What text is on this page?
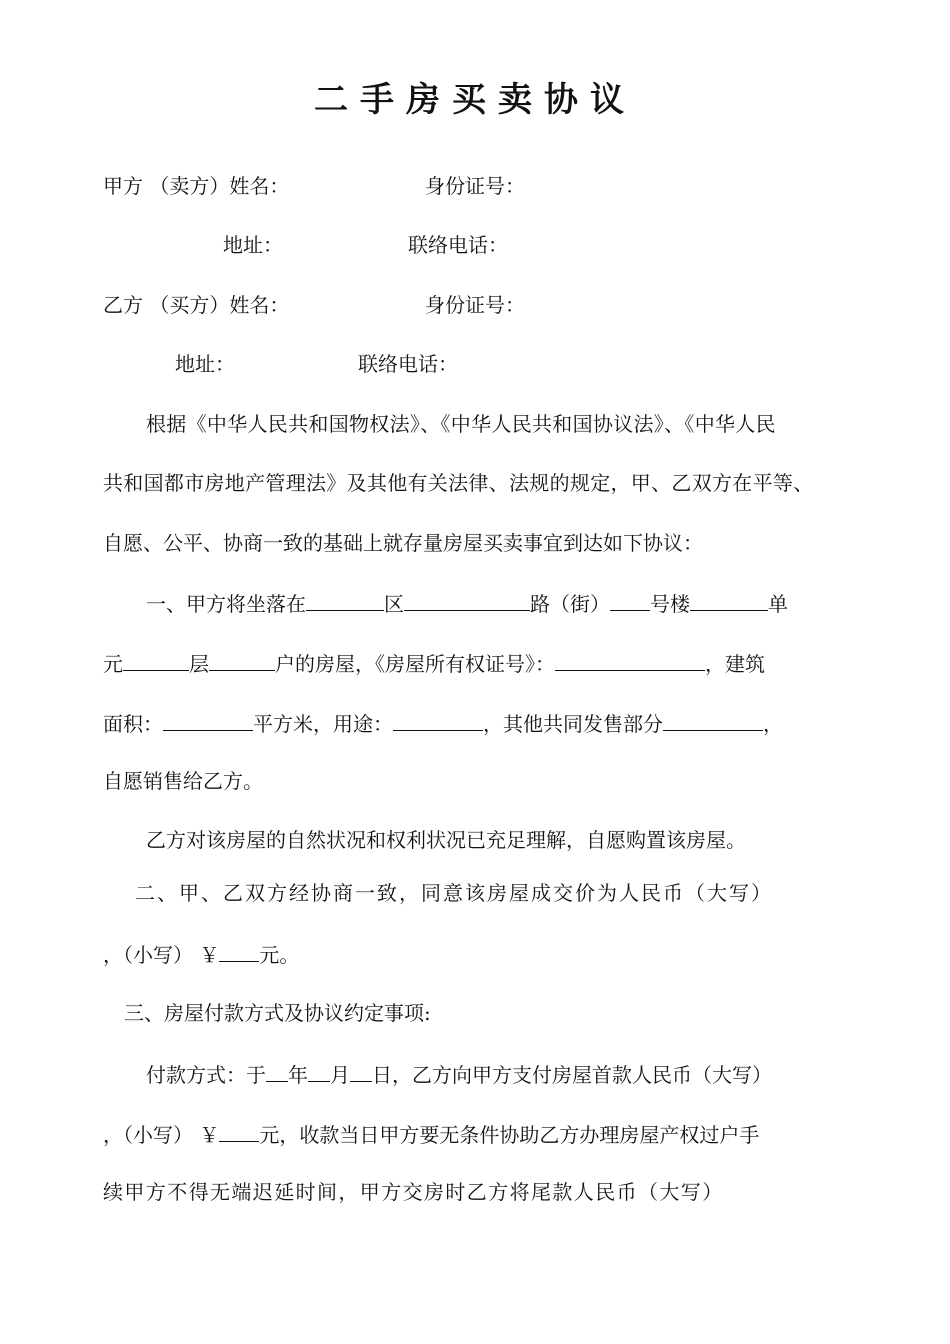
二手房买卖协议
甲方 （卖方）姓名：	身份证号：
地址：	联络电话：
乙方 （买方）姓名：	身份证号：
地址：	联络电话：
根据《中华人民共和国物权法》、《中华人民共和国协议法》、《中华人民
共和国都市房地产管理法》及其他有关法律、法规的规定，甲、乙双方在平等、
自愿、公平、协商一致的基础上就存量房屋买卖事宜到达如下协议：
一、甲方将坐落在	区	路（街） 号楼	单
元	层	户的房屋，《房屋所有权证号》：	，建筑
面积：	平方米，用途：	，其他共同发售部分	，
自愿销售给乙方。
乙方对该房屋的自然状况和权利状况已充足理解，自愿购置该房屋。
二、甲、乙双方经协商一致，同意该房屋成交价为人民币（大写）
，（小写） ￥ 元。
三、房屋付款方式及协议约定事项:
付款方式：于 年 月 日，乙方向甲方支付房屋首款人民币（大写）
，（小写） ￥ 元，收款当日甲方要无条件协助乙方办理房屋产权过户手
续甲方不得无端迟延时间，甲方交房时乙方将尾款人民币（大写）
